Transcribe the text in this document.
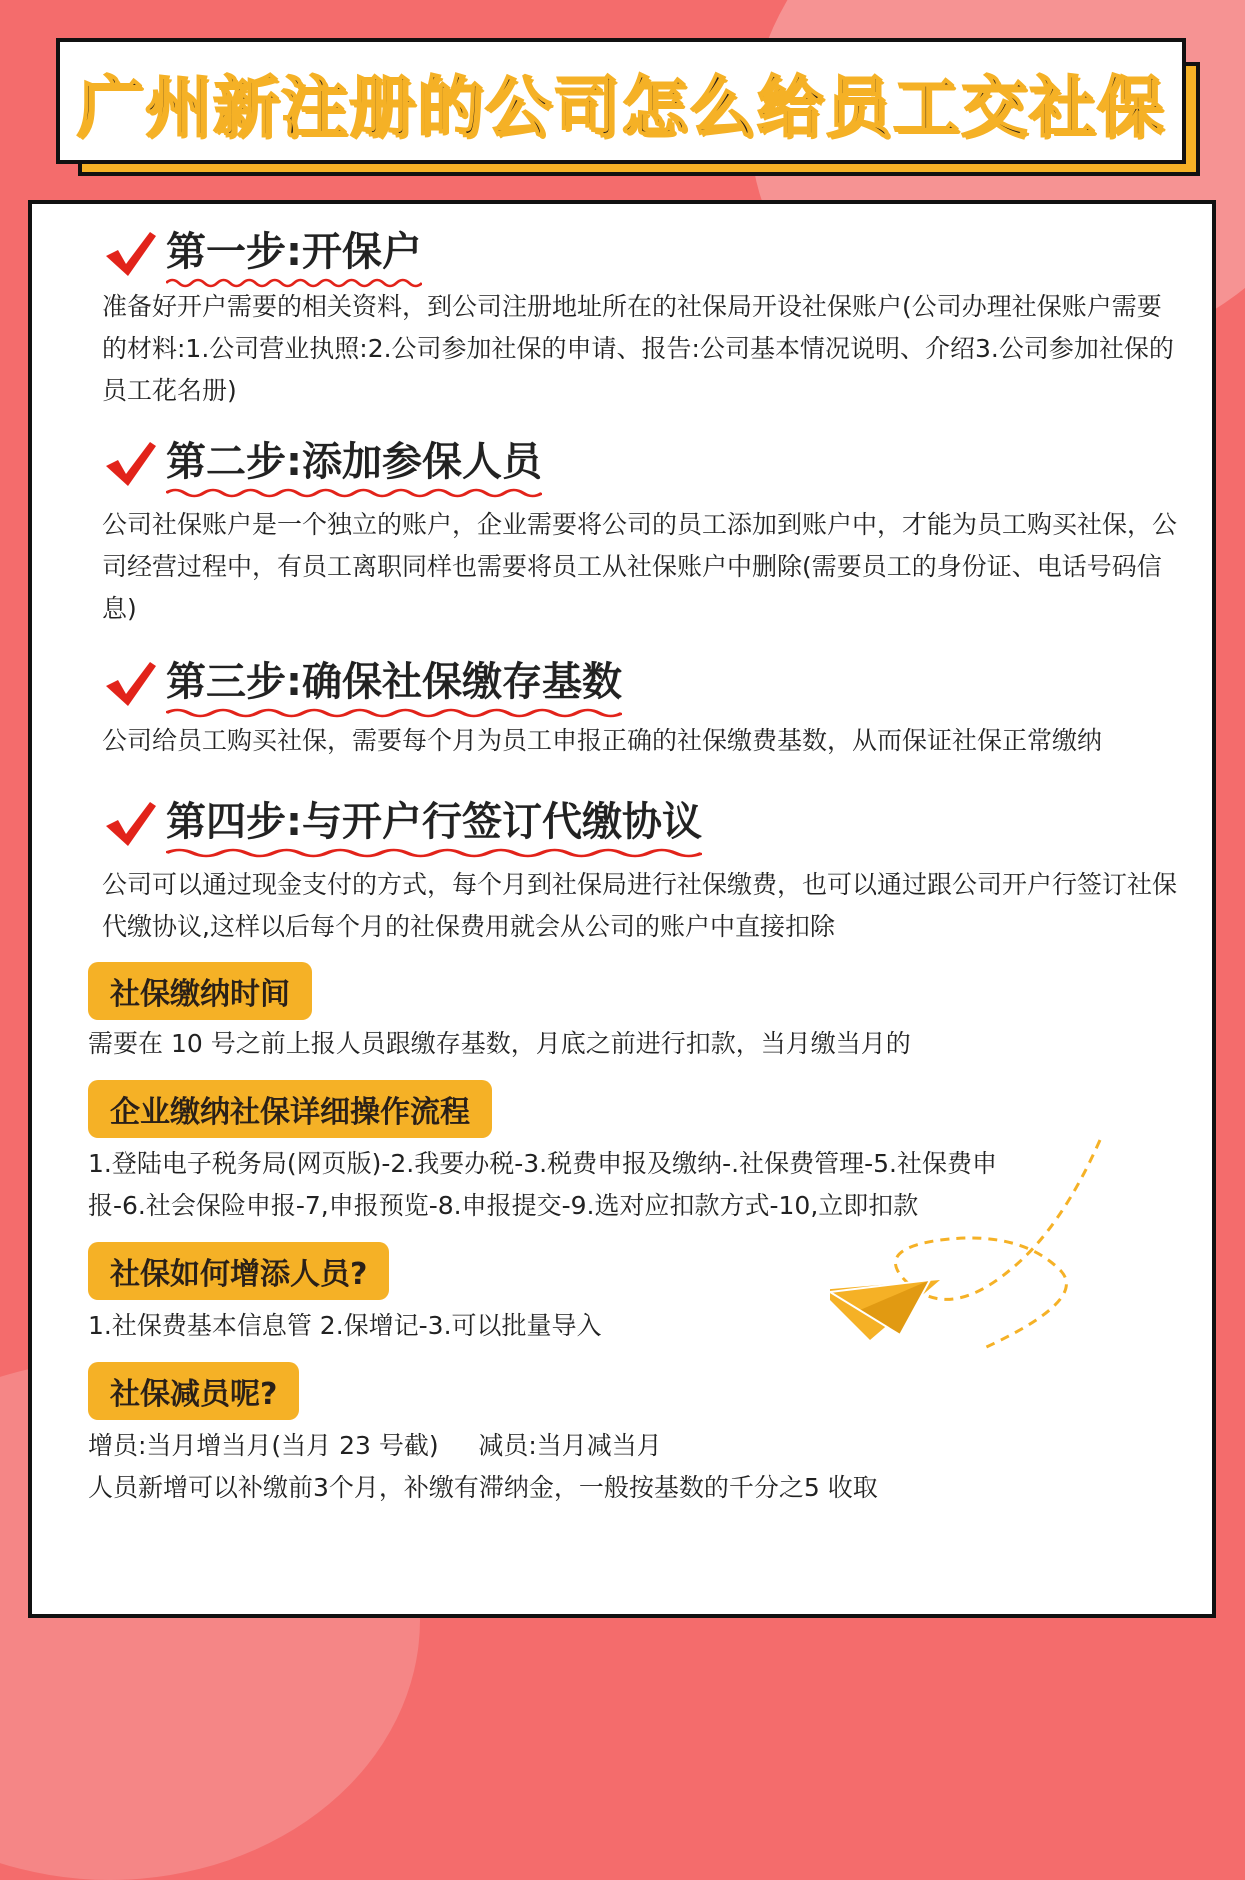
广州新注册的公司怎么给员工交社保
第一步:开保户
准备好开户需要的相关资料，到公司注册地址所在的社保局开设社保账户(公司办理社保账户需要的材料:1.公司营业执照:2.公司参加社保的申请、报告:公司基本情况说明、介绍3.公司参加社保的员工花名册)
第二步:添加参保人员
公司社保账户是一个独立的账户，企业需要将公司的员工添加到账户中，才能为员工购买社保，公司经营过程中，有员工离职同样也需要将员工从社保账户中删除(需要员工的身份证、电话号码信息)
第三步:确保社保缴存基数
公司给员工购买社保，需要每个月为员工申报正确的社保缴费基数，从而保证社保正常缴纳
第四步:与开户行签订代缴协议
公司可以通过现金支付的方式，每个月到社保局进行社保缴费，也可以通过跟公司开户行签订社保代缴协议,这样以后每个月的社保费用就会从公司的账户中直接扣除
社保缴纳时间
需要在 10 号之前上报人员跟缴存基数，月底之前进行扣款，当月缴当月的
企业缴纳社保详细操作流程
1.登陆电子税务局(网页版)-2.我要办税-3.税费申报及缴纳-.社保费管理-5.社保费申
报-6.社会保险申报-7,申报预览-8.申报提交-9.选对应扣款方式-10,立即扣款
社保如何增添人员?
1.社保费基本信息管 2.保增记-3.可以批量导入
社保减员呢?
增员:当月增当月(当月 23 号截)     减员:当月减当月
人员新增可以补缴前3个月，补缴有滞纳金，一般按基数的千分之5 收取
